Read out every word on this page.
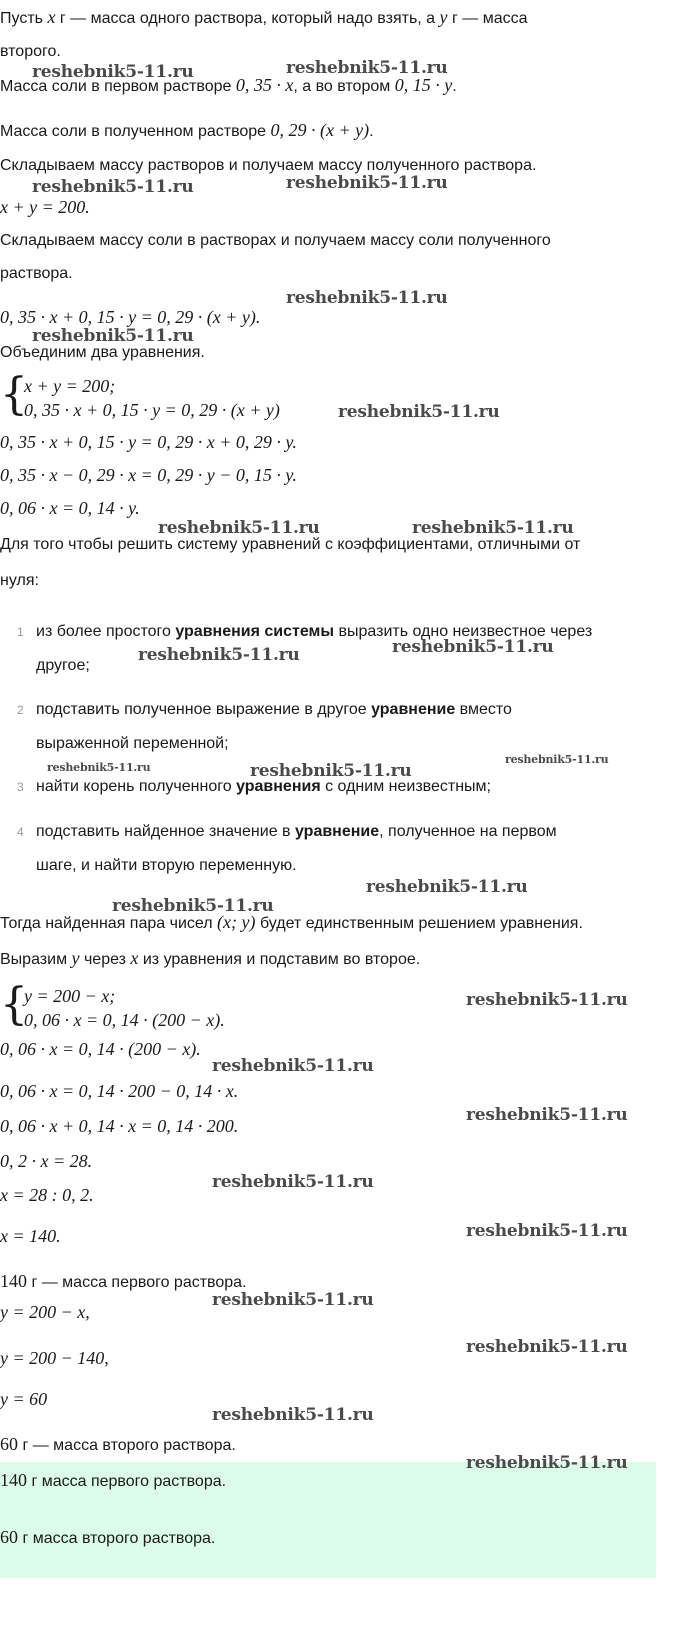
Пусть x г — масса одного раствора, который надо взять, а y г — масса
второго.
Масса соли в первом растворе 0, 35 · x, а во втором 0, 15 · y.
Масса соли в полученном растворе 0, 29 · (x + y).
Складываем массу растворов и получаем массу полученного раствора.
x + y = 200.
Складываем массу соли в растворах и получаем массу соли полученного
раствора.
0, 35 · x + 0, 15 · y = 0, 29 · (x + y).
Объединим два уравнения.
{
x + y = 200;
0, 35 · x + 0, 15 · y = 0, 29 · (x + y)
0, 35 · x + 0, 15 · y = 0, 29 · x + 0, 29 · y.
0, 35 · x − 0, 29 · x = 0, 29 · y − 0, 15 · y.
0, 06 · x = 0, 14 · y.
Для того чтобы решить систему уравнений с коэффициентами, отличными от
нуля:
1 из более простого уравнения системы выразить одно неизвестное через
другое;
2 подставить полученное выражение в другое уравнение вместо
выраженной переменной;
3 найти корень полученного уравнения с одним неизвестным;
4 подставить найденное значение в уравнение, полученное на первом
шаге, и найти вторую переменную.
Тогда найденная пара чисел (x; y) будет единственным решением уравнения.
Выразим y через x из уравнения и подставим во второе.
{
y = 200 − x;
0, 06 · x = 0, 14 · (200 − x).
0, 06 · x = 0, 14 · (200 − x).
0, 06 · x = 0, 14 · 200 − 0, 14 · x.
0, 06 · x + 0, 14 · x = 0, 14 · 200.
0, 2 · x = 28.
x = 28 : 0, 2.
x = 140.
140 г — масса первого раствора.
y = 200 − x,
y = 200 − 140,
y = 60
60 г — масса второго раствора.
140 г масса первого раствора.
60 г масса второго раствора.
reshebnik5-11.ru	reshebnik5-11.ru
reshebnik5-11.ru	reshebnik5-11.ru
reshebnik5-11.ru
reshebnik5-11.ru
reshebnik5-11.ru
reshebnik5-11.ru	reshebnik5-11.ru
reshebnik5-11.ru	reshebnik5-11.ru
reshebnik5-11.ru
reshebnik5-11.ru
reshebnik5-11.ru
reshebnik5-11.ru
reshebnik5-11.ru
reshebnik5-11.ru
reshebnik5-11.ru
reshebnik5-11.ru
reshebnik5-11.ru
reshebnik5-11.ru
reshebnik5-11.ru
reshebnik5-11.ru
reshebnik5-11.ru
reshebnik5-11.ru
